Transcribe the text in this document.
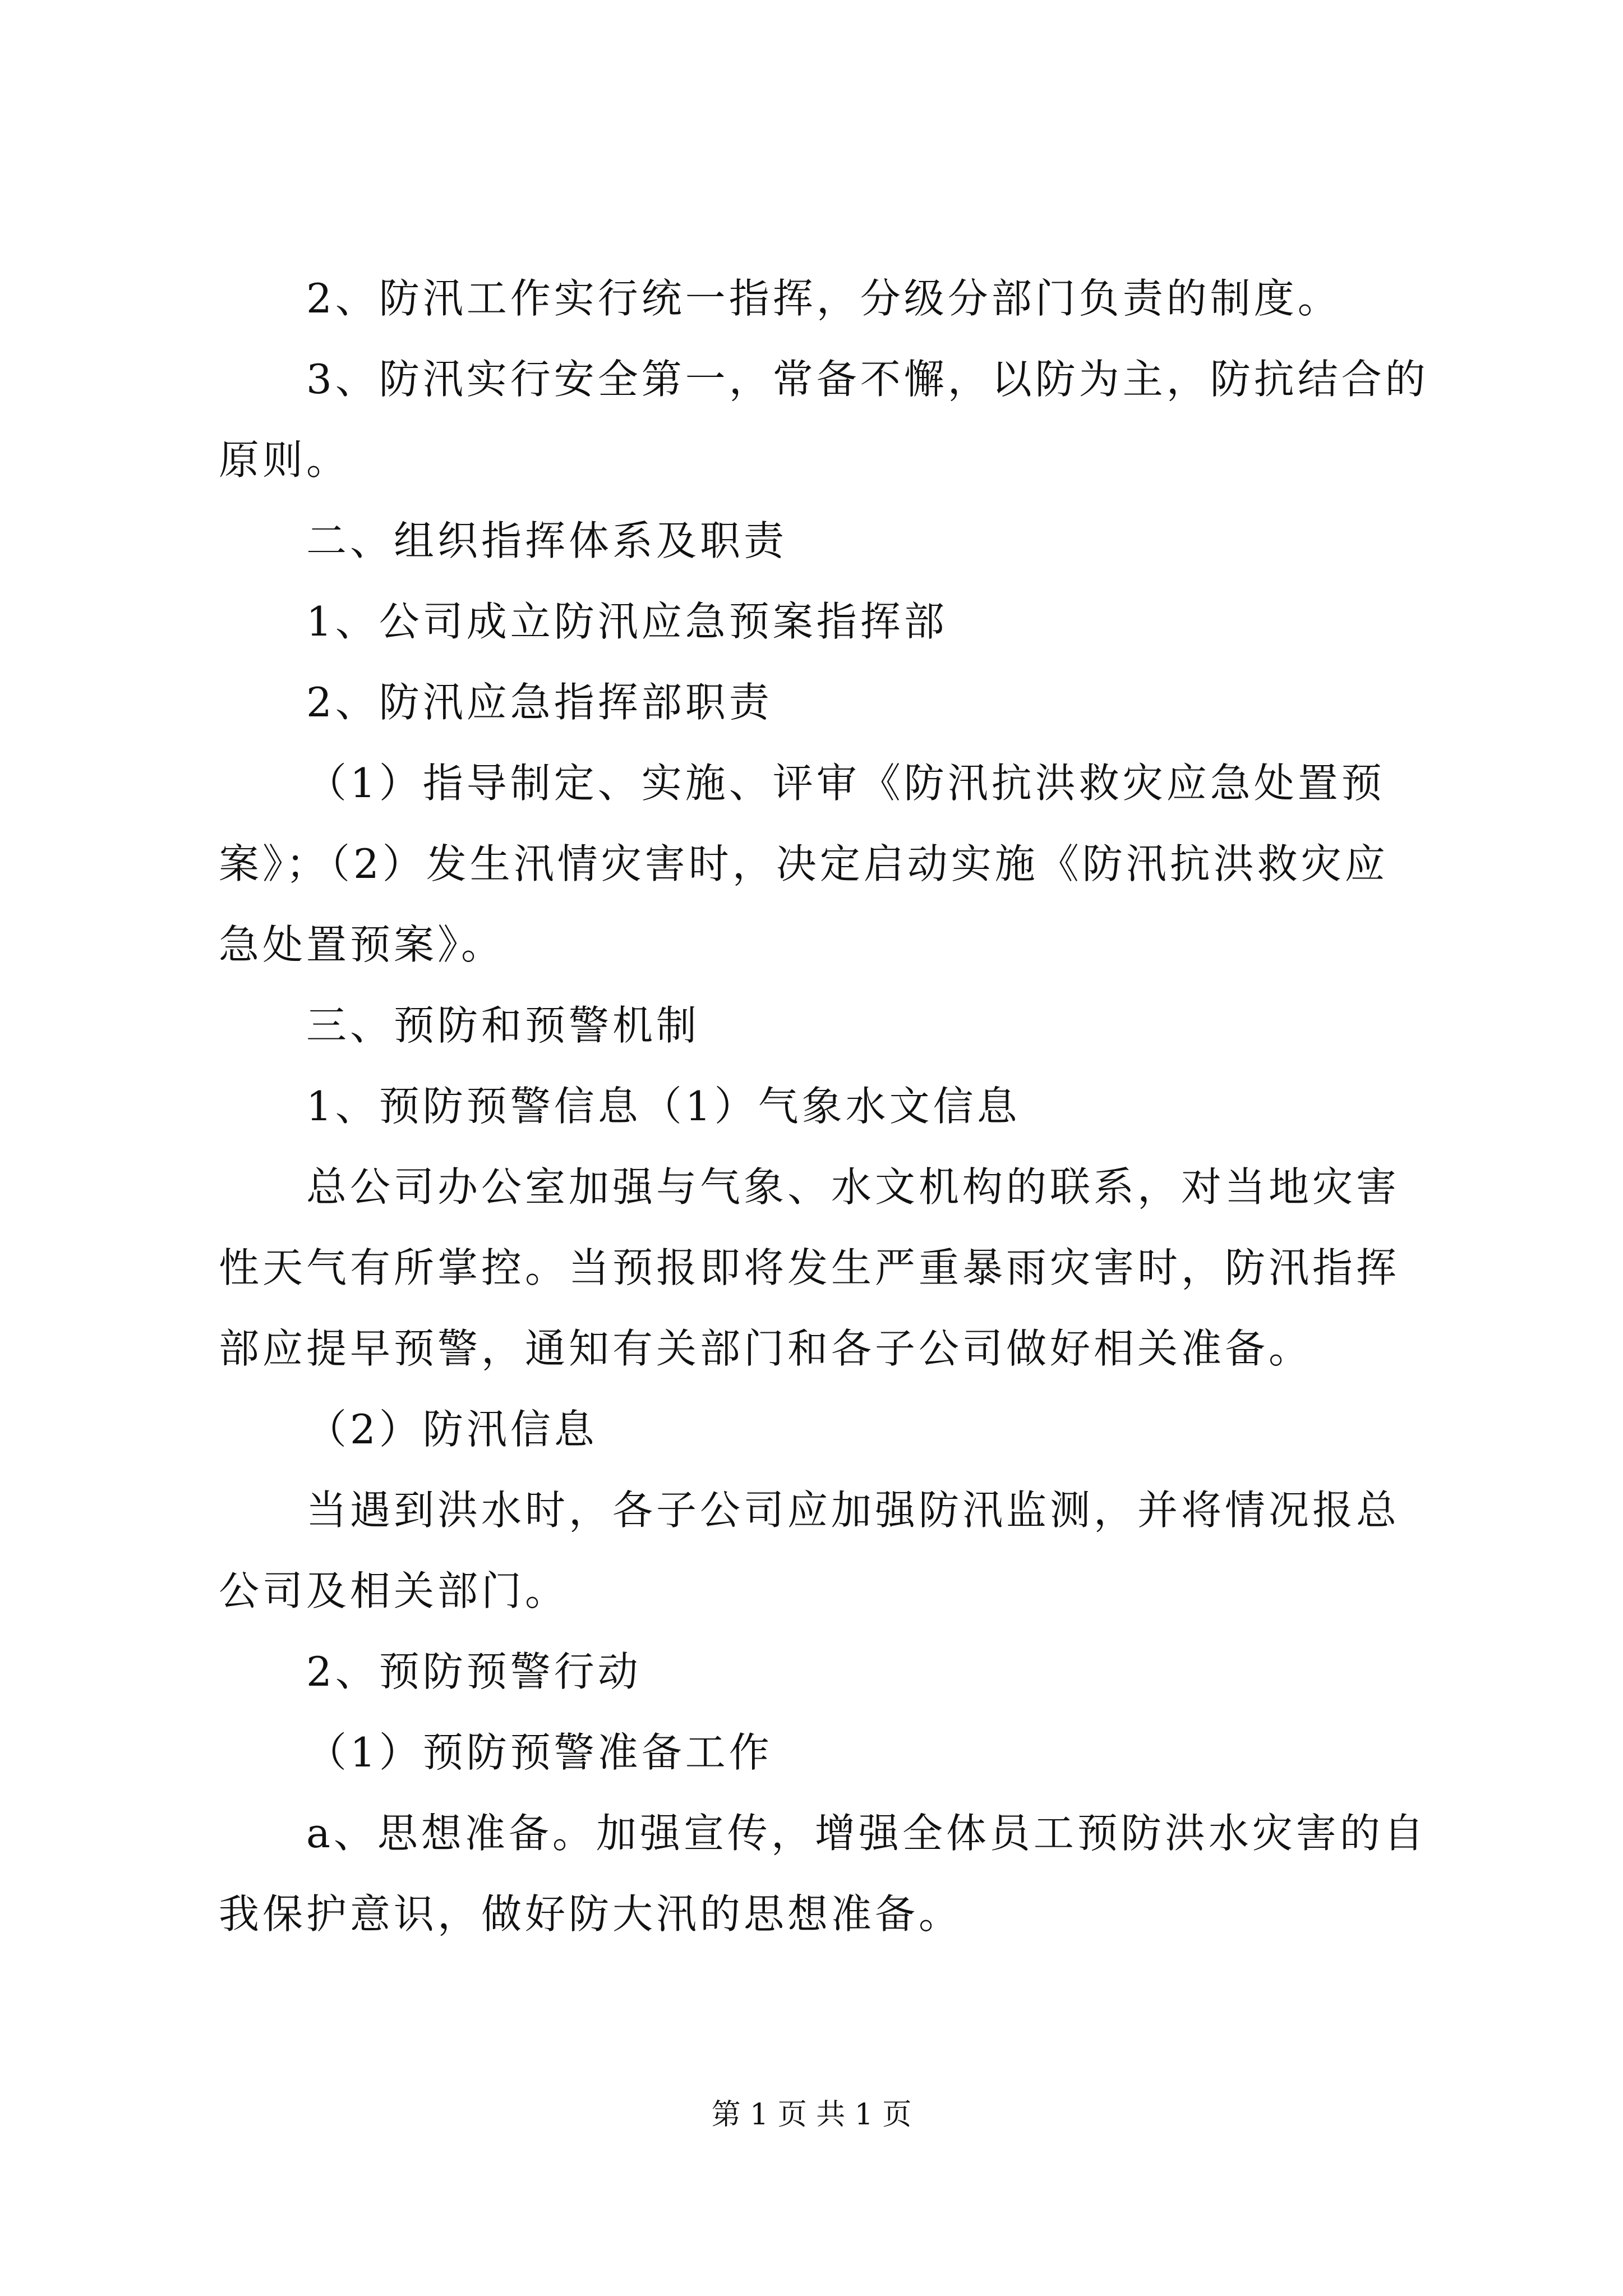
2、防汛工作实行统一指挥，分级分部门负责的制度。

3、防汛实行安全第一，常备不懈，以防为主，防抗结合的原则。

二、组织指挥体系及职责

1、公司成立防汛应急预案指挥部

2、防汛应急指挥部职责

（1）指导制定、实施、评审《防汛抗洪救灾应急处置预案》；（2）发生汛情灾害时，决定启动实施《防汛抗洪救灾应急处置预案》。

三、预防和预警机制

1、预防预警信息（1）气象水文信息

总公司办公室加强与气象、水文机构的联系，对当地灾害性天气有所掌控。当预报即将发生严重暴雨灾害时，防汛指挥部应提早预警，通知有关部门和各子公司做好相关准备。

（2）防汛信息

当遇到洪水时，各子公司应加强防汛监测，并将情况报总公司及相关部门。

2、预防预警行动

（1）预防预警准备工作

a、思想准备。加强宣传，增强全体员工预防洪水灾害的自我保护意识，做好防大汛的思想准备。

第 1 页 共 1 页
